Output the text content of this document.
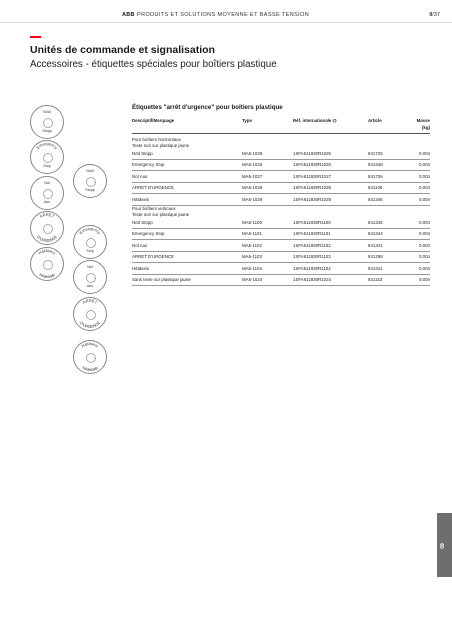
ABB PRODUITS ET SOLUTIONS MOYENNE ET BASSE TENSION	9/37
Unités de commande et signalisation
Accessoires - étiquettes spéciales pour boîtiers plastique
Nödl
Stopp
Emergency
Stop
Not
Aus
ARRET
D'URGENCE
Hätäseis
Nödstopp
Nödl
Stopp
Emergency
Stop
Not
Aus
ARRET
D'URGENCE
Hätäseis
Nödstopp
Étiquettes "arrêt d'urgence" pour boîtiers plastique
Descriptif/Marquage	Type	Réf. internationale @	Article	Masse
(kg)
Pour boîtiers horizontaux
Texte noir sur plastique jaune
Nöd Stopp	MA6-1025	1SFA611930R1025	841725	0.004
Emergency Stop	MA6-1026	1SFA611930R1026	841348	0.004
Not Aus	MA6-1027	1SFA611930R1027	841726	0.004
ARRET D'URGENCE	MA6-1028	1SFA611930R1028	841105	0.004
Hätäseis	MA6-1029	1SFA611930R1029	841346	0.004
Pour boîtiers verticaux
Texte noir sur plastique jaune
Nöd Stopp	MA6-1100	1SFA611930R1100	841345	0.004
Emergency Stop	MA6-1101	1SFA611930R1101	841344	0.004
Not Aus	MA6-1102	1SFA611930R1102	841341	0.004
ARRET D'URGENCE	MA6-1103	1SFA611930R1103	841298	0.004
Hätäseis	MA6-1104	1SFA611930R1104	841341	0.004
Sans texte sur plastique jaune	MA6-1024	1SFA611930R1024	841153	0.004
09
